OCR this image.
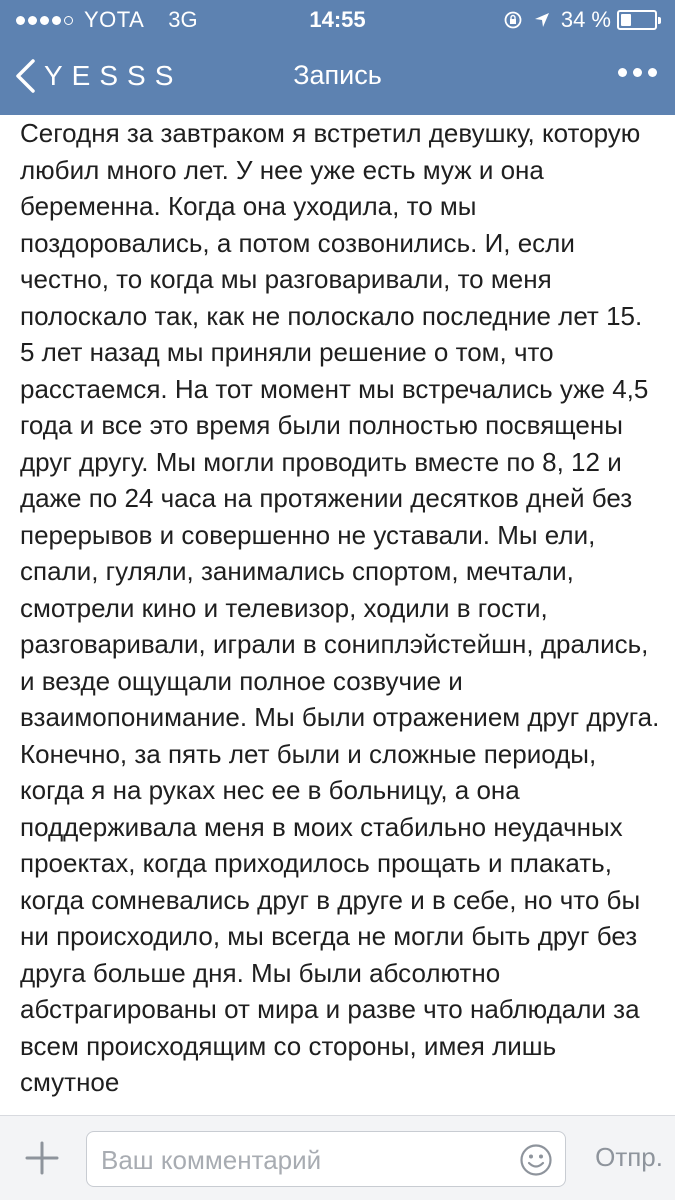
YOTA 3G	14:55	34 %
YESSS	Запись

Сегодня за завтраком я встретил девушку, которую любил много лет. У нее уже есть муж и она беременна. Когда она уходила, то мы поздоровались, а потом созвонились. И, если честно, то когда мы разговаривали, то меня полоскало так, как не полоскало последние лет 15. 5 лет назад мы приняли решение о том, что расстаемся. На тот момент мы встречались уже 4,5 года и все это время были полностью посвящены друг другу. Мы могли проводить вместе по 8, 12 и даже по 24 часа на протяжении десятков дней без перерывов и совершенно не уставали. Мы ели, спали, гуляли, занимались спортом, мечтали, смотрели кино и телевизор, ходили в гости, разговаривали, играли в сониплэйстейшн, дрались, и везде ощущали полное созвучие и взаимопонимание. Мы были отражением друг друга. Конечно, за пять лет были и сложные периоды, когда я на руках нес ее в больницу, а она поддерживала меня в моих стабильно неудачных проектах, когда приходилось прощать и плакать, когда сомневались друг в друге и в себе, но что бы ни происходило, мы всегда не могли быть друг без друга больше дня. Мы были абсолютно абстрагированы от мира и разве что наблюдали за всем происходящим со стороны, имея лишь смутное

Ваш комментарий
Отпр.
